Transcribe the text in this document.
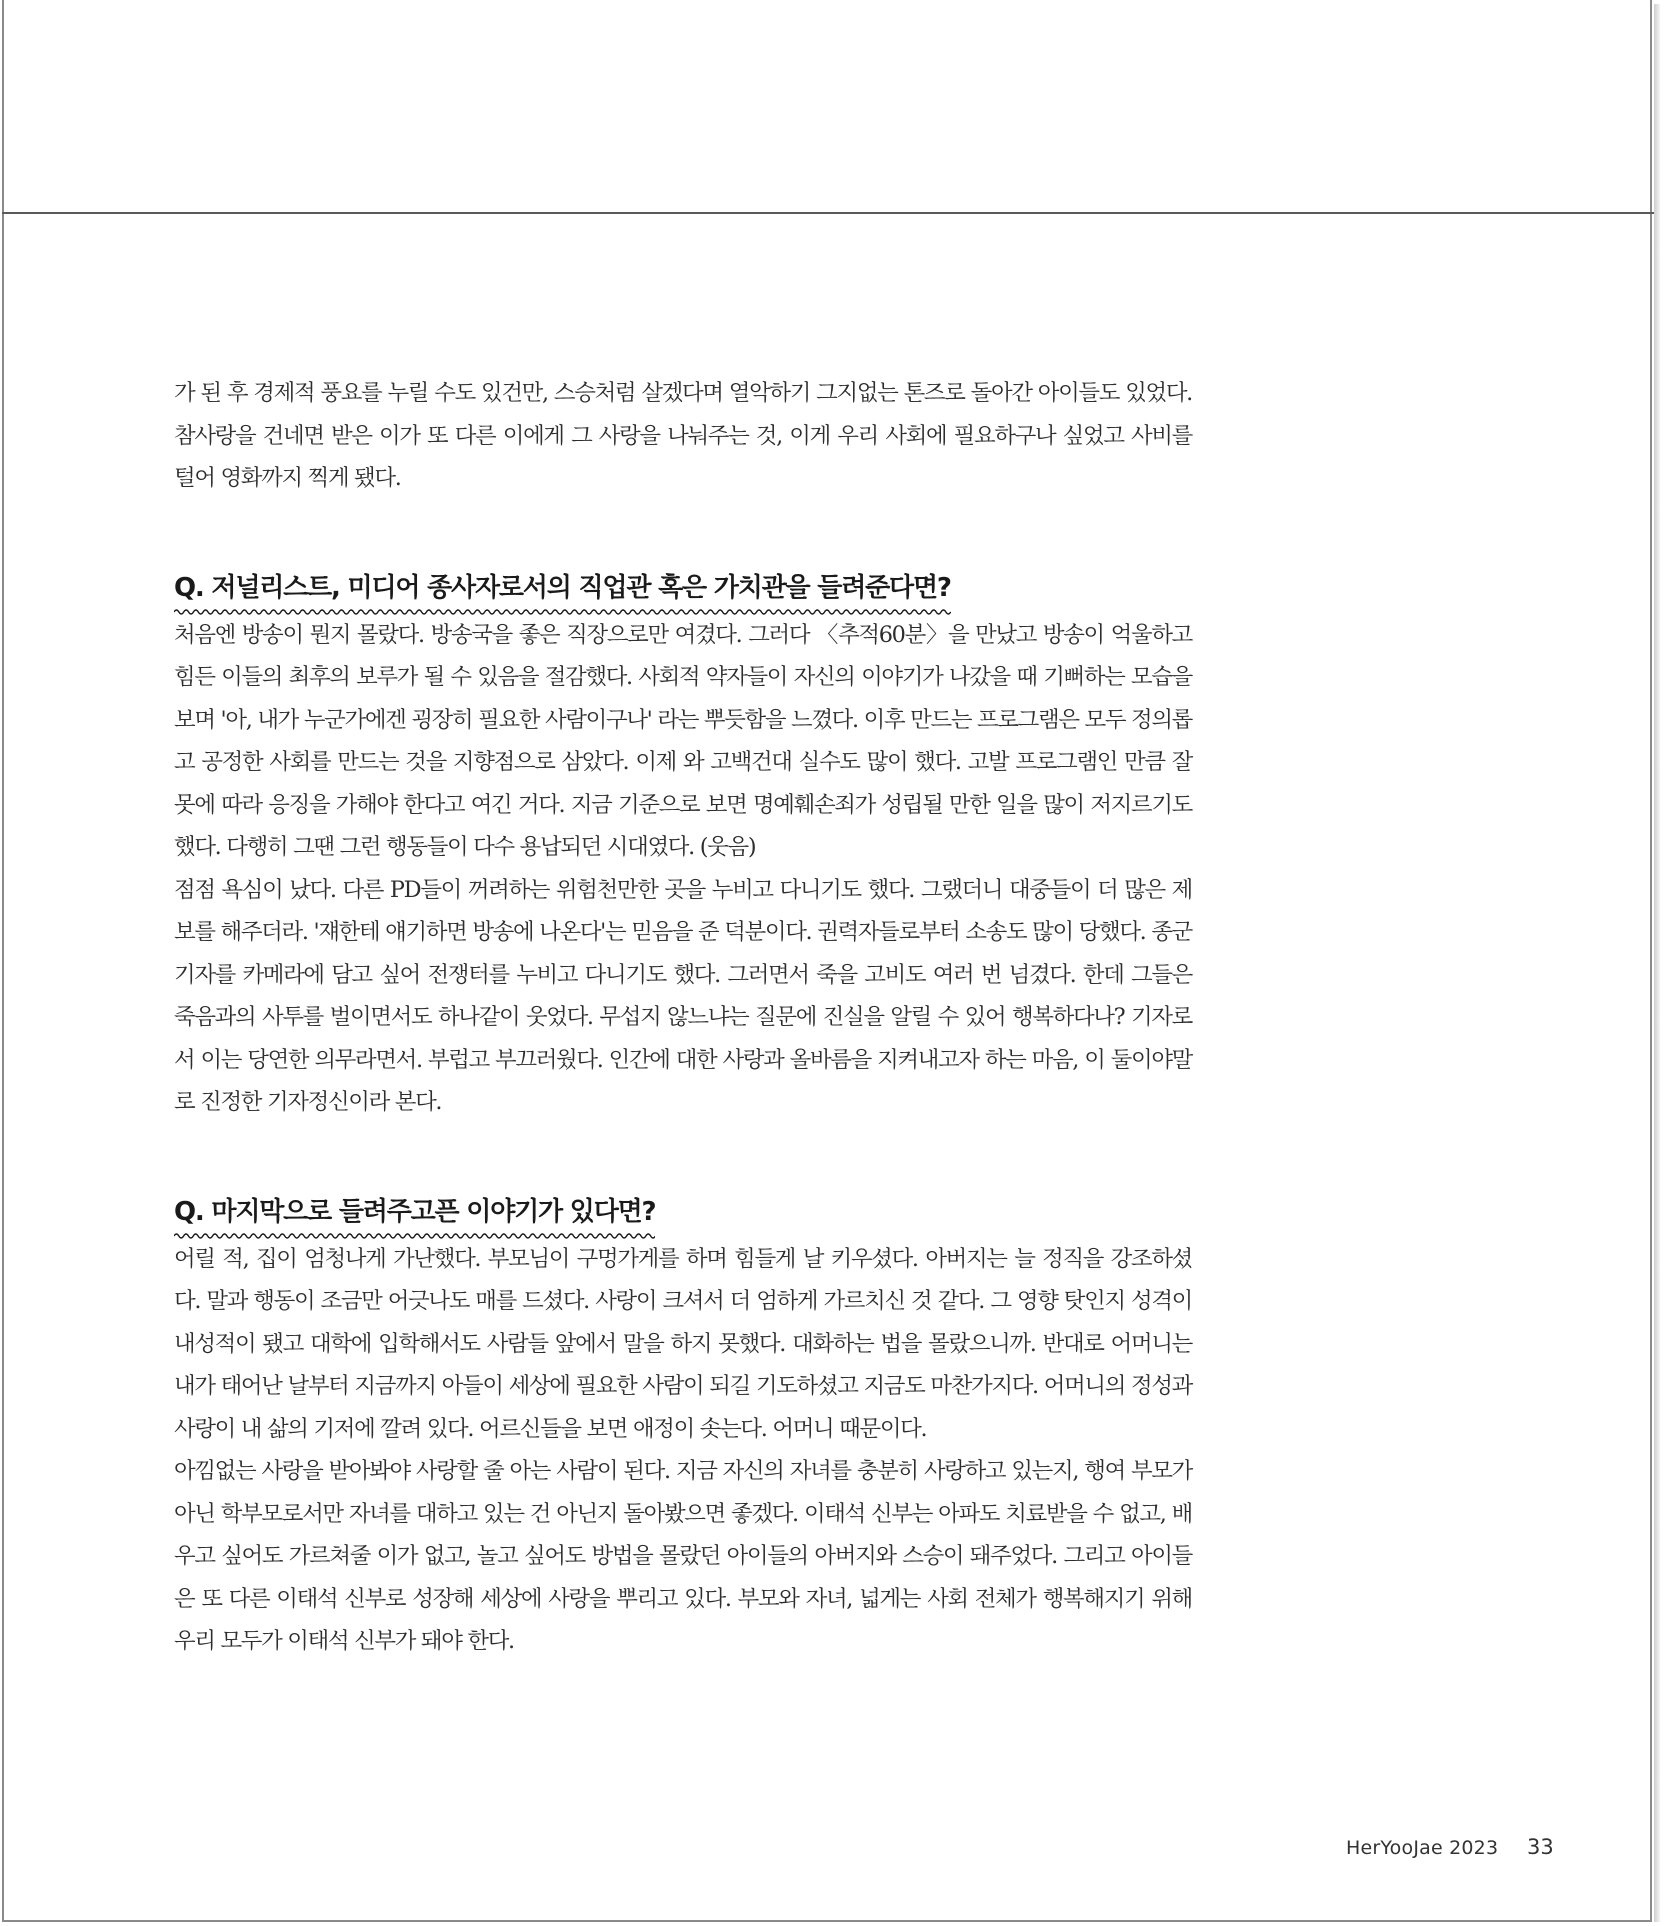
가 된 후 경제적 풍요를 누릴 수도 있건만, 스승처럼 살겠다며 열악하기 그지없는 톤즈로 돌아간 아이들도 있었다. 참사랑을 건네면 받은 이가 또 다른 이에게 그 사랑을 나눠주는 것, 이게 우리 사회에 필요하구나 싶었고 사비를 털어 영화까지 찍게 됐다.

Q. 저널리스트, 미디어 종사자로서의 직업관 혹은 가치관을 들려준다면?

처음엔 방송이 뭔지 몰랐다. 방송국을 좋은 직장으로만 여겼다. 그러다 〈추적60분〉을 만났고 방송이 억울하고 힘든 이들의 최후의 보루가 될 수 있음을 절감했다. 사회적 약자들이 자신의 이야기가 나갔을 때 기뻐하는 모습을 보며 '아, 내가 누군가에겐 굉장히 필요한 사람이구나' 라는 뿌듯함을 느꼈다. 이후 만드는 프로그램은 모두 정의롭고 공정한 사회를 만드는 것을 지향점으로 삼았다. 이제 와 고백건대 실수도 많이 했다. 고발 프로그램인 만큼 잘못에 따라 응징을 가해야 한다고 여긴 거다. 지금 기준으로 보면 명예훼손죄가 성립될 만한 일을 많이 저지르기도 했다. 다행히 그땐 그런 행동들이 다수 용납되던 시대였다. (웃음)

점점 욕심이 났다. 다른 PD들이 꺼려하는 위험천만한 곳을 누비고 다니기도 했다. 그랬더니 대중들이 더 많은 제보를 해주더라. '쟤한테 얘기하면 방송에 나온다'는 믿음을 준 덕분이다. 권력자들로부터 소송도 많이 당했다. 종군기자를 카메라에 담고 싶어 전쟁터를 누비고 다니기도 했다. 그러면서 죽을 고비도 여러 번 넘겼다. 한데 그들은 죽음과의 사투를 벌이면서도 하나같이 웃었다. 무섭지 않느냐는 질문에 진실을 알릴 수 있어 행복하다나? 기자로서 이는 당연한 의무라면서. 부럽고 부끄러웠다. 인간에 대한 사랑과 올바름을 지켜내고자 하는 마음, 이 둘이야말로 진정한 기자정신이라 본다.

Q. 마지막으로 들려주고픈 이야기가 있다면?

어릴 적, 집이 엄청나게 가난했다. 부모님이 구멍가게를 하며 힘들게 날 키우셨다. 아버지는 늘 정직을 강조하셨다. 말과 행동이 조금만 어긋나도 매를 드셨다. 사랑이 크셔서 더 엄하게 가르치신 것 같다. 그 영향 탓인지 성격이 내성적이 됐고 대학에 입학해서도 사람들 앞에서 말을 하지 못했다. 대화하는 법을 몰랐으니까. 반대로 어머니는 내가 태어난 날부터 지금까지 아들이 세상에 필요한 사람이 되길 기도하셨고 지금도 마찬가지다. 어머니의 정성과 사랑이 내 삶의 기저에 깔려 있다. 어르신들을 보면 애정이 솟는다. 어머니 때문이다.

아낌없는 사랑을 받아봐야 사랑할 줄 아는 사람이 된다. 지금 자신의 자녀를 충분히 사랑하고 있는지, 행여 부모가 아닌 학부모로서만 자녀를 대하고 있는 건 아닌지 돌아봤으면 좋겠다. 이태석 신부는 아파도 치료받을 수 없고, 배우고 싶어도 가르쳐줄 이가 없고, 놀고 싶어도 방법을 몰랐던 아이들의 아버지와 스승이 돼주었다. 그리고 아이들은 또 다른 이태석 신부로 성장해 세상에 사랑을 뿌리고 있다. 부모와 자녀, 넓게는 사회 전체가 행복해지기 위해 우리 모두가 이태석 신부가 돼야 한다.

HerYooJae 2023 33
